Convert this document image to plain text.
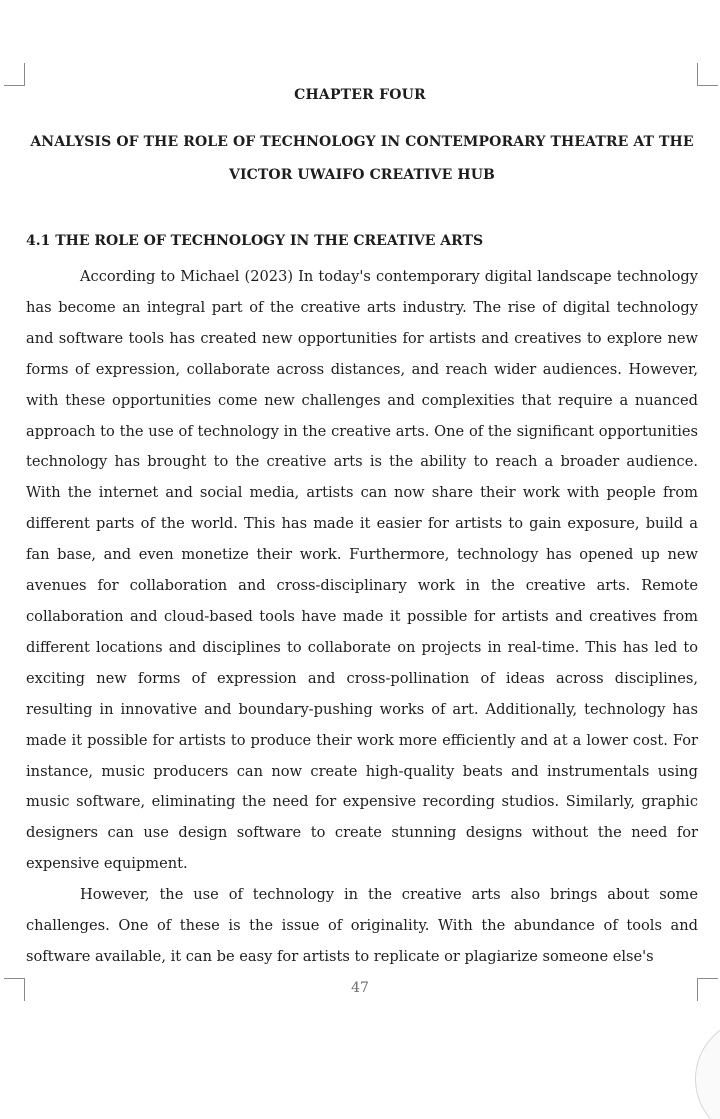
CHAPTER FOUR
ANALYSIS OF THE ROLE OF TECHNOLOGY IN CONTEMPORARY THEATRE AT THE VICTOR UWAIFO CREATIVE HUB
4.1 THE ROLE OF TECHNOLOGY IN THE CREATIVE ARTS

According to Michael (2023) In today's contemporary digital landscape technology has become an integral part of the creative arts industry. The rise of digital technology and software tools has created new opportunities for artists and creatives to explore new forms of expression, collaborate across distances, and reach wider audiences. However, with these opportunities come new challenges and complexities that require a nuanced approach to the use of technology in the creative arts. One of the significant opportunities technology has brought to the creative arts is the ability to reach a broader audience. With the internet and social media, artists can now share their work with people from different parts of the world. This has made it easier for artists to gain exposure, build a fan base, and even monetize their work. Furthermore, technology has opened up new avenues for collaboration and cross-disciplinary work in the creative arts. Remote collaboration and cloud-based tools have made it possible for artists and creatives from different locations and disciplines to collaborate on projects in real-time. This has led to exciting new forms of expression and cross-pollination of ideas across disciplines, resulting in innovative and boundary-pushing works of art. Additionally, technology has made it possible for artists to produce their work more efficiently and at a lower cost. For instance, music producers can now create high-quality beats and instrumentals using music software, eliminating the need for expensive recording studios. Similarly, graphic designers can use design software to create stunning designs without the need for expensive equipment.

However, the use of technology in the creative arts also brings about some challenges. One of these is the issue of originality. With the abundance of tools and software available, it can be easy for artists to replicate or plagiarize someone else's

47
